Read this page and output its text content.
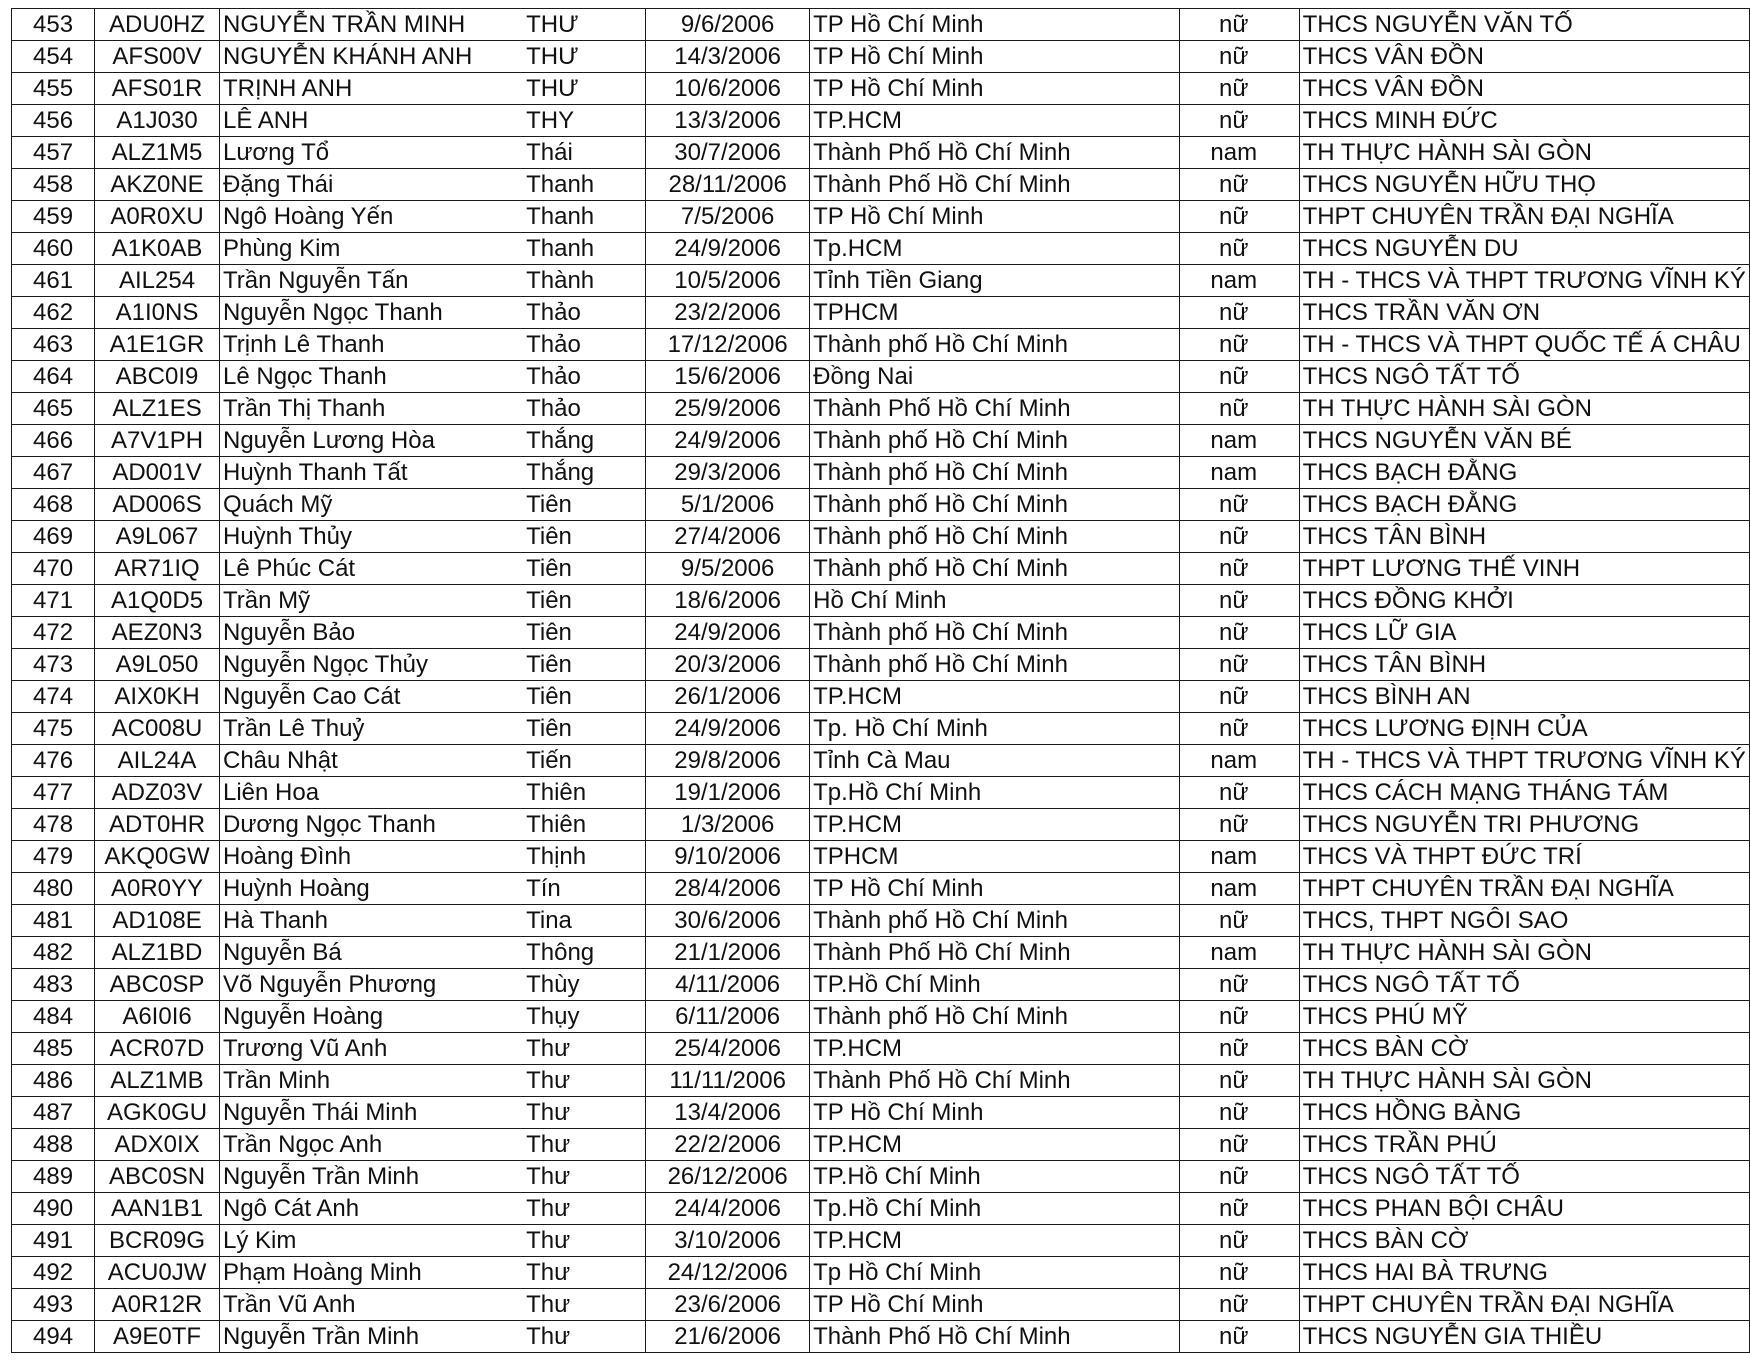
453	ADU0HZ	NGUYỄN TRẦN MINH	THƯ	9/6/2006	TP Hồ Chí Minh	nữ		THCS NGUYỄN VĂN TỐ
454	AFS00V	NGUYỄN KHÁNH ANH	THƯ	14/3/2006	TP Hồ Chí Minh	nữ		THCS VÂN ĐỒN
455	AFS01R	TRỊNH ANH	THƯ	10/6/2006	TP Hồ Chí Minh	nữ		THCS VÂN ĐỒN
456	A1J030	LÊ ANH	THY	13/3/2006	TP.HCM	nữ		THCS MINH ĐỨC
457	ALZ1M5	Lương Tổ	Thái	30/7/2006	Thành Phố Hồ Chí Minh	nam		TH THỰC HÀNH SÀI GÒN
458	AKZ0NE	Đặng Thái	Thanh	28/11/2006	Thành Phố Hồ Chí Minh	nữ		THCS NGUYỄN HỮU THỌ
459	A0R0XU	Ngô Hoàng Yến	Thanh	7/5/2006	TP Hồ Chí Minh	nữ		THPT CHUYÊN TRẦN ĐẠI NGHĨA
460	A1K0AB	Phùng Kim	Thanh	24/9/2006	Tp.HCM	nữ		THCS NGUYỄN DU
461	AIL254	Trần Nguyễn Tấn	Thành	10/5/2006	Tỉnh Tiền Giang	nam		TH - THCS VÀ THPT TRƯƠNG VĨNH KÝ
462	A1I0NS	Nguyễn Ngọc Thanh	Thảo	23/2/2006	TPHCM	nữ		THCS TRẦN VĂN ƠN
463	A1E1GR	Trịnh Lê Thanh	Thảo	17/12/2006	Thành phố Hồ Chí Minh	nữ		TH - THCS VÀ THPT QUỐC TẾ Á CHÂU
464	ABC0I9	Lê Ngọc Thanh	Thảo	15/6/2006	Đồng Nai	nữ		THCS NGÔ TẤT TỐ
465	ALZ1ES	Trần Thị Thanh	Thảo	25/9/2006	Thành Phố Hồ Chí Minh	nữ		TH THỰC HÀNH SÀI GÒN
466	A7V1PH	Nguyễn Lương Hòa	Thắng	24/9/2006	Thành phố Hồ Chí Minh	nam		THCS NGUYỄN VĂN BÉ
467	AD001V	Huỳnh Thanh Tất	Thắng	29/3/2006	Thành phố Hồ Chí Minh	nam		THCS BẠCH ĐẰNG
468	AD006S	Quách Mỹ	Tiên	5/1/2006	Thành phố Hồ Chí Minh	nữ		THCS BẠCH ĐẰNG
469	A9L067	Huỳnh Thủy	Tiên	27/4/2006	Thành phố Hồ Chí Minh	nữ		THCS TÂN BÌNH
470	AR71IQ	Lê Phúc Cát	Tiên	9/5/2006	Thành phố Hồ Chí Minh	nữ		THPT LƯƠNG THẾ VINH
471	A1Q0D5	Trần Mỹ	Tiên	18/6/2006	Hồ Chí Minh	nữ		THCS ĐỒNG KHỞI
472	AEZ0N3	Nguyễn Bảo	Tiên	24/9/2006	Thành phố Hồ Chí Minh	nữ		THCS LỮ GIA
473	A9L050	Nguyễn Ngọc Thủy	Tiên	20/3/2006	Thành phố Hồ Chí Minh	nữ		THCS TÂN BÌNH
474	AIX0KH	Nguyễn Cao Cát	Tiên	26/1/2006	TP.HCM	nữ		THCS BÌNH AN
475	AC008U	Trần Lê Thuỷ	Tiên	24/9/2006	Tp. Hồ Chí Minh	nữ		THCS LƯƠNG ĐỊNH CỦA
476	AIL24A	Châu Nhật	Tiến	29/8/2006	Tỉnh Cà Mau	nam		TH - THCS VÀ THPT TRƯƠNG VĨNH KÝ
477	ADZ03V	Liên Hoa	Thiên	19/1/2006	Tp.Hồ Chí Minh	nữ		THCS CÁCH MẠNG THÁNG TÁM
478	ADT0HR	Dương Ngọc Thanh	Thiên	1/3/2006	TP.HCM	nữ		THCS NGUYỄN TRI PHƯƠNG
479	AKQ0GW	Hoàng Đình	Thịnh	9/10/2006	TPHCM	nam		THCS VÀ THPT ĐỨC TRÍ
480	A0R0YY	Huỳnh Hoàng	Tín	28/4/2006	TP Hồ Chí Minh	nam		THPT CHUYÊN TRẦN ĐẠI NGHĨA
481	AD108E	Hà Thanh	Tina	30/6/2006	Thành phố Hồ Chí Minh	nữ		THCS, THPT NGÔI SAO
482	ALZ1BD	Nguyễn Bá	Thông	21/1/2006	Thành Phố Hồ Chí Minh	nam		TH THỰC HÀNH SÀI GÒN
483	ABC0SP	Võ Nguyễn Phương	Thùy	4/11/2006	TP.Hồ Chí Minh	nữ		THCS NGÔ TẤT TỐ
484	A6I0I6	Nguyễn Hoàng	Thụy	6/11/2006	Thành phố Hồ Chí Minh	nữ		THCS PHÚ MỸ
485	ACR07D	Trương Vũ Anh	Thư	25/4/2006	TP.HCM	nữ		THCS BÀN CỜ
486	ALZ1MB	Trần Minh	Thư	11/11/2006	Thành Phố Hồ Chí Minh	nữ		TH THỰC HÀNH SÀI GÒN
487	AGK0GU	Nguyễn Thái Minh	Thư	13/4/2006	TP Hồ Chí Minh	nữ		THCS HỒNG BÀNG
488	ADX0IX	Trần Ngọc Anh	Thư	22/2/2006	TP.HCM	nữ		THCS TRẦN PHÚ
489	ABC0SN	Nguyễn Trần Minh	Thư	26/12/2006	TP.Hồ Chí Minh	nữ		THCS NGÔ TẤT TỐ
490	AAN1B1	Ngô Cát Anh	Thư	24/4/2006	Tp.Hồ Chí Minh	nữ		THCS PHAN BỘI CHÂU
491	BCR09G	Lý Kim	Thư	3/10/2006	TP.HCM	nữ		THCS BÀN CỜ
492	ACU0JW	Phạm Hoàng Minh	Thư	24/12/2006	Tp Hồ Chí Minh	nữ		THCS HAI BÀ TRƯNG
493	A0R12R	Trần Vũ Anh	Thư	23/6/2006	TP Hồ Chí Minh	nữ		THPT CHUYÊN TRẦN ĐẠI NGHĨA
494	A9E0TF	Nguyễn Trần Minh	Thư	21/6/2006	Thành Phố Hồ Chí Minh	nữ		THCS NGUYỄN GIA THIỀU
